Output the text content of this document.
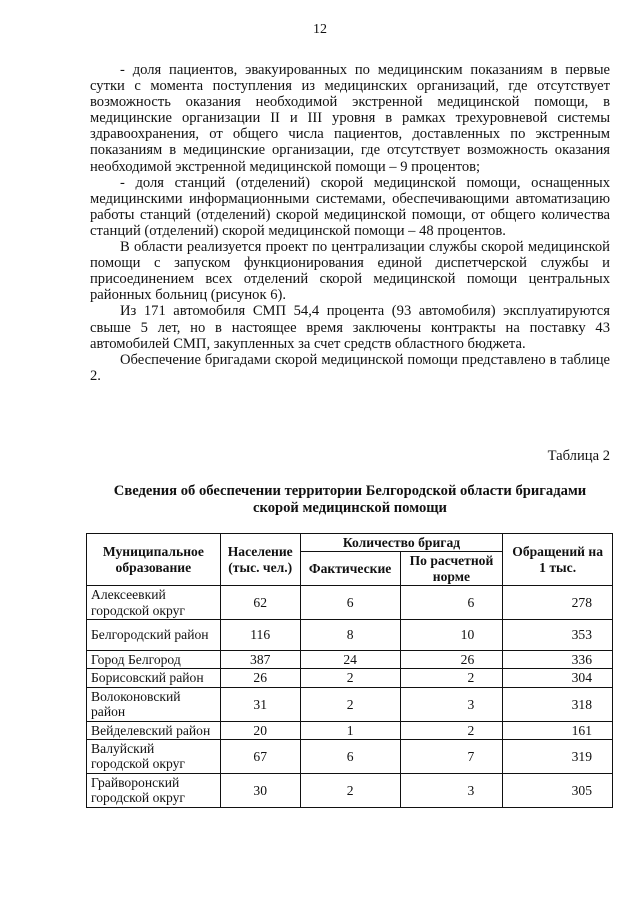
12

- доля пациентов, эвакуированных по медицинским показаниям в первые сутки с момента поступления из медицинских организаций, где отсутствует возможность оказания необходимой экстренной медицинской помощи, в медицинские организации II и III уровня в рамках трехуровневой системы здравоохранения, от общего числа пациентов, доставленных по экстренным показаниям в медицинские организации, где отсутствует возможность оказания необходимой экстренной медицинской помощи – 9 процентов;

- доля станций (отделений) скорой медицинской помощи, оснащенных медицинскими информационными системами, обеспечивающими автоматизацию работы станций (отделений) скорой медицинской помощи, от общего количества станций (отделений) скорой медицинской помощи – 48 процентов.

В области реализуется проект по централизации службы скорой медицинской помощи с запуском функционирования единой диспетчерской службы и присоединением всех отделений скорой медицинской помощи центральных районных больниц (рисунок 6).

Из 171 автомобиля СМП 54,4 процента (93 автомобиля) эксплуатируются свыше 5 лет, но в настоящее время заключены контракты на поставку 43 автомобилей СМП, закупленных за счет средств областного бюджета.

Обеспечение бригадами скорой медицинской помощи представлено в таблице 2.

Таблица 2
Сведения об обеспечении территории Белгородской области бригадами скорой медицинской помощи
Муниципальное образование	Население (тыс. чел.)	Количество бригад		Обращений на 1 тыс.
		Фактические	По расчетной норме	
Алексеевкий городской округ	62	6	6	278
Белгородский район	116	8	10	353
Город Белгород	387	24	26	336
Борисовский район	26	2	2	304
Волоконовский район	31	2	3	318
Вейделевский район	20	1	2	161
Валуйский городской округ	67	6	7	319
Грайворонский городской округ	30	2	3	305
